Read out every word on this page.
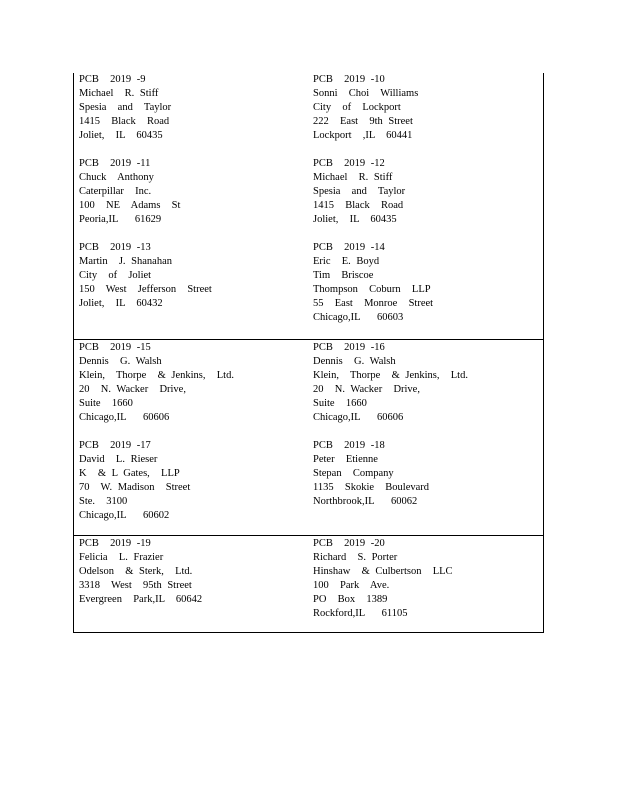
PCB  2019 -9
Michael  R. Stiff
Spesia  and  Taylor
1415  Black  Road
Joliet,  IL  60435
PCB  2019 -11
Chuck  Anthony
Caterpillar  Inc.
100  NE  Adams  St
Peoria,IL   61629
PCB  2019 -13
Martin  J. Shanahan
City  of  Joliet
150  West  Jefferson  Street
Joliet,  IL  60432
PCB  2019 -10
Sonni  Choi  Williams
City  of  Lockport
222  East  9th Street
Lockport  ,IL  60441
PCB  2019 -12
Michael  R. Stiff
Spesia  and  Taylor
1415  Black  Road
Joliet,  IL  60435
PCB  2019 -14
Eric  E. Boyd
Tim  Briscoe
Thompson  Coburn  LLP
55  East  Monroe  Street
Chicago,IL   60603
PCB  2019 -15
Dennis  G. Walsh
Klein,  Thorpe  & Jenkins,  Ltd.
20  N. Wacker  Drive,
Suite  1660
Chicago,IL   60606
PCB  2019 -17
David  L. Rieser
K  & L Gates,  LLP
70  W. Madison  Street
Ste.  3100
Chicago,IL   60602
PCB  2019 -16
Dennis  G. Walsh
Klein,  Thorpe  & Jenkins,  Ltd.
20  N. Wacker  Drive,
Suite  1660
Chicago,IL   60606
PCB  2019 -18
Peter  Etienne
Stepan  Company
1135  Skokie  Boulevard
Northbrook,IL   60062
PCB  2019 -19
Felicia  L. Frazier
Odelson  & Sterk,  Ltd.
3318  West  95th Street
Evergreen  Park,IL  60642
PCB  2019 -20
Richard  S. Porter
Hinshaw  & Culbertson  LLC
100  Park  Ave.
PO  Box  1389
Rockford,IL   61105
